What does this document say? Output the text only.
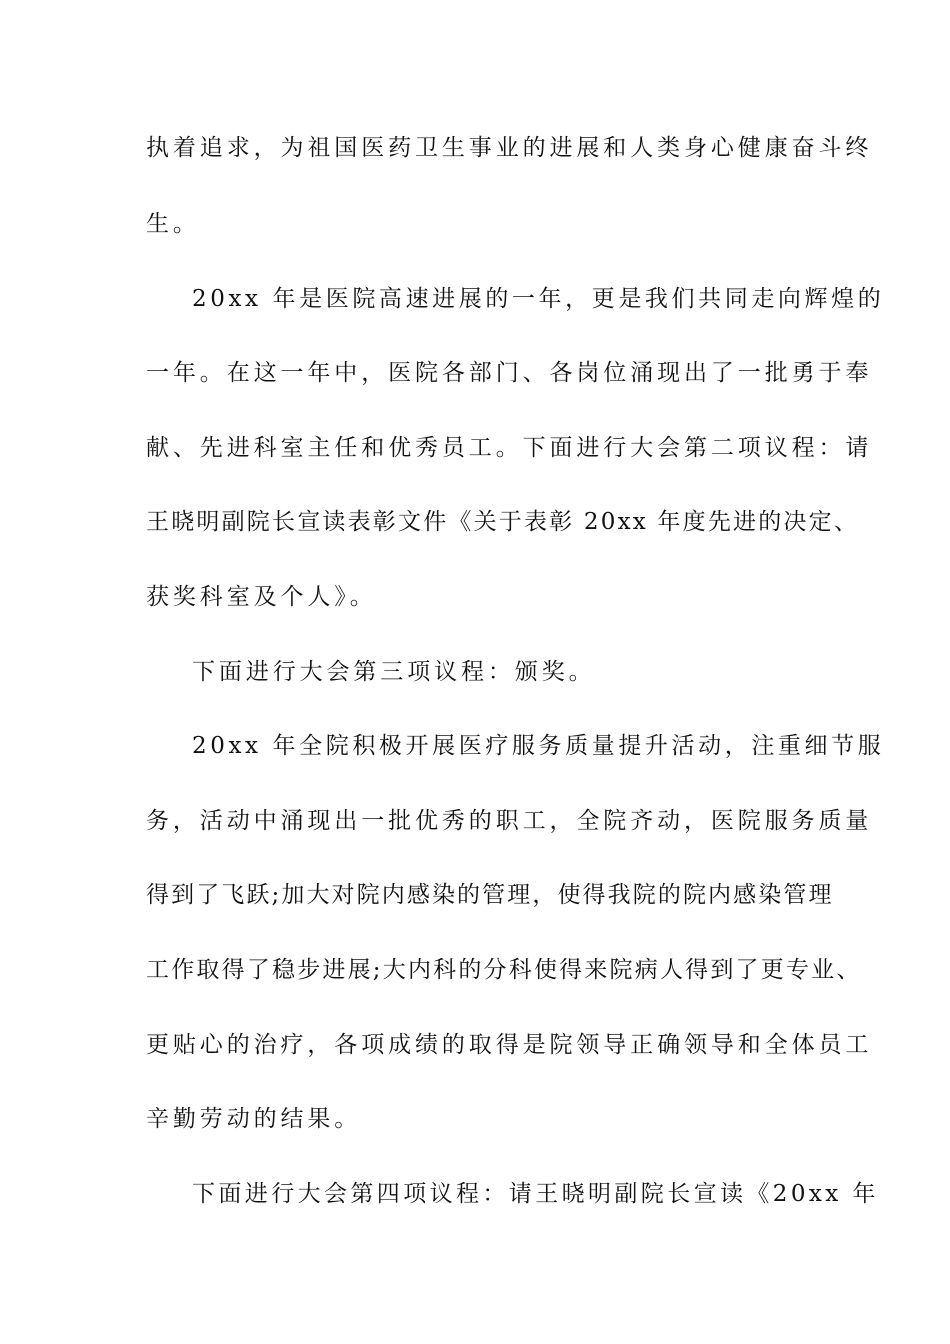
执着追求，为祖国医药卫生事业的进展和人类身心健康奋斗终
生。
20xx 年是医院高速进展的一年，更是我们共同走向辉煌的
一年。在这一年中，医院各部门、各岗位涌现出了一批勇于奉
献、先进科室主任和优秀员工。下面进行大会第二项议程：请
王晓明副院长宣读表彰文件《关于表彰 20xx 年度先进的决定、
获奖科室及个人》。
下面进行大会第三项议程：颁奖。
20xx 年全院积极开展医疗服务质量提升活动，注重细节服
务，活动中涌现出一批优秀的职工，全院齐动，医院服务质量
得到了飞跃;加大对院内感染的管理，使得我院的院内感染管理
工作取得了稳步进展;大内科的分科使得来院病人得到了更专业、
更贴心的治疗，各项成绩的取得是院领导正确领导和全体员工
辛勤劳动的结果。
下面进行大会第四项议程：请王晓明副院长宣读《20xx 年
